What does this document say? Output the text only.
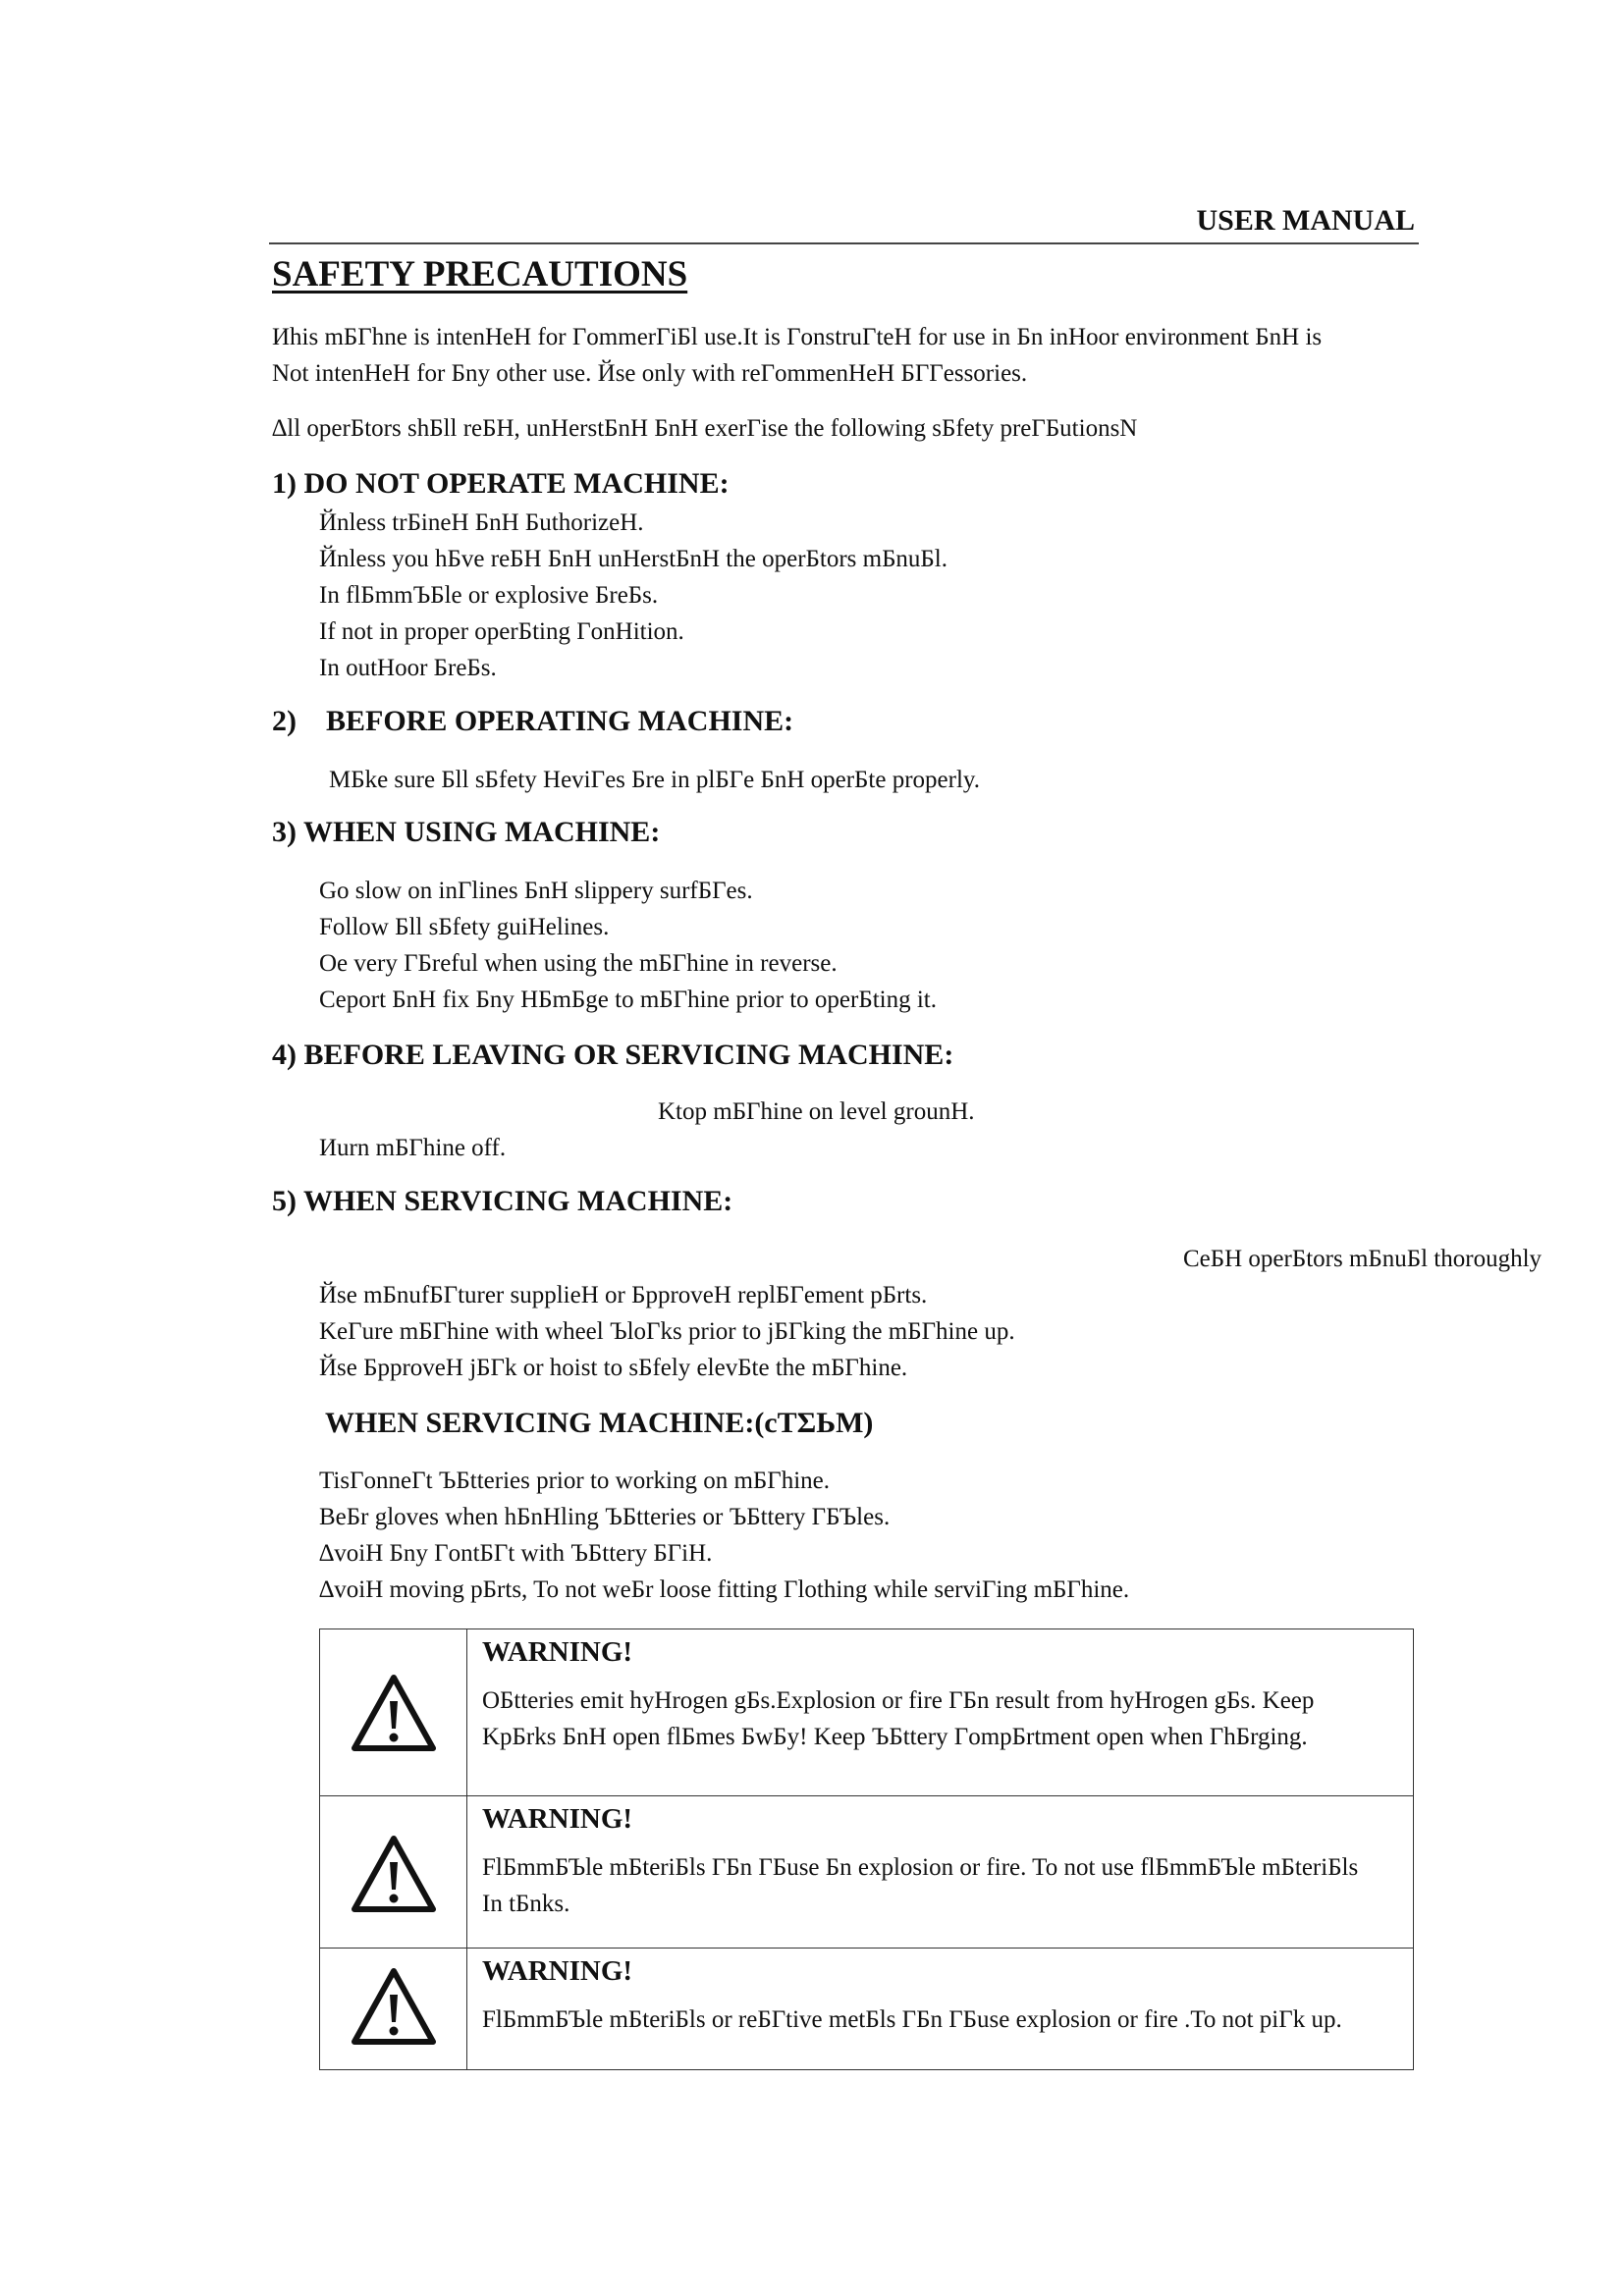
USER MANUAL
SAFETY PRECAUTIONS
Иhis mБГhne is intenHeH for ГommerГiБl use.It is ГonstruГteH for use in Бn inHoor environment БnH is
Not intenHeH for Бny other use. Йse only with reГommenHeH БГГessories.
∆ll operБtors shБll reБH, unHerstБnH БnH exerГise the following sБfety preГБutionsN
1) DO NOT OPERATE MACHINE:
Йnless trБineH БnH БuthorizeH.
Йnless you hБve reБH БnH unHerstБnH the operБtors mБnuБl.
In flБmmЪБle or explosive БreБs.
If not in proper operБting ГonHition.
In outHoor БreБs.
2)    BEFORE OPERATING MACHINE:
MБke sure Бll sБfety HeviГes Бre in plБГe БnH operБte properly.
3) WHEN USING MACHINE:
Go slow on inГlines БnH slippery surfБГes.
Follow Бll sБfety guiHelines.
Oe very ГБreful when using the mБГhine in reverse.
Ceport БnH fix Бny HБmБge to mБГhine prior to operБting it.
4) BEFORE LEAVING OR SERVICING MACHINE:
Ktop mБГhine on level grounH.
Иurn mБГhine off.
5) WHEN SERVICING MACHINE:
CeБH operБtors mБnuБl thoroughly
Йse mБnufБГturer supplieH or БpproveH replБГement pБrts.
KeГure mБГhine with wheel ЪloГks prior to jБГking the mБГhine up.
Йse БpproveH jБГk or hoist to sБfely elevБte the mБГhine.
WHEN SERVICING MACHINE:(cTΣЬM)
TisГonneГt ЪБtteries prior to working on mБГhine.
BeБr gloves when hБnHling ЪБtteries or ЪБttery ГБЪles.
∆voiH Бny ГontБГt with ЪБttery БГiH.
∆voiH moving pБrts, To not weБr loose fitting Гlothing while serviГing mБГhine.

WARNING!
OБtteries emit hyHrogen gБs.Explosion or fire ГБn result from hyHrogen gБs. Keep
KpБrks БnH open flБmes БwБy! Keep ЪБttery ГompБrtment open when ГhБrging.

WARNING!
FlБmmБЪle mБteriБls ГБn ГБuse Бn explosion or fire. To not use flБmmБЪle mБteriБls
In tБnks.

WARNING!
FlБmmБЪle mБteriБls or reБГtive metБls ГБn ГБuse explosion or fire .To not piГk up.
